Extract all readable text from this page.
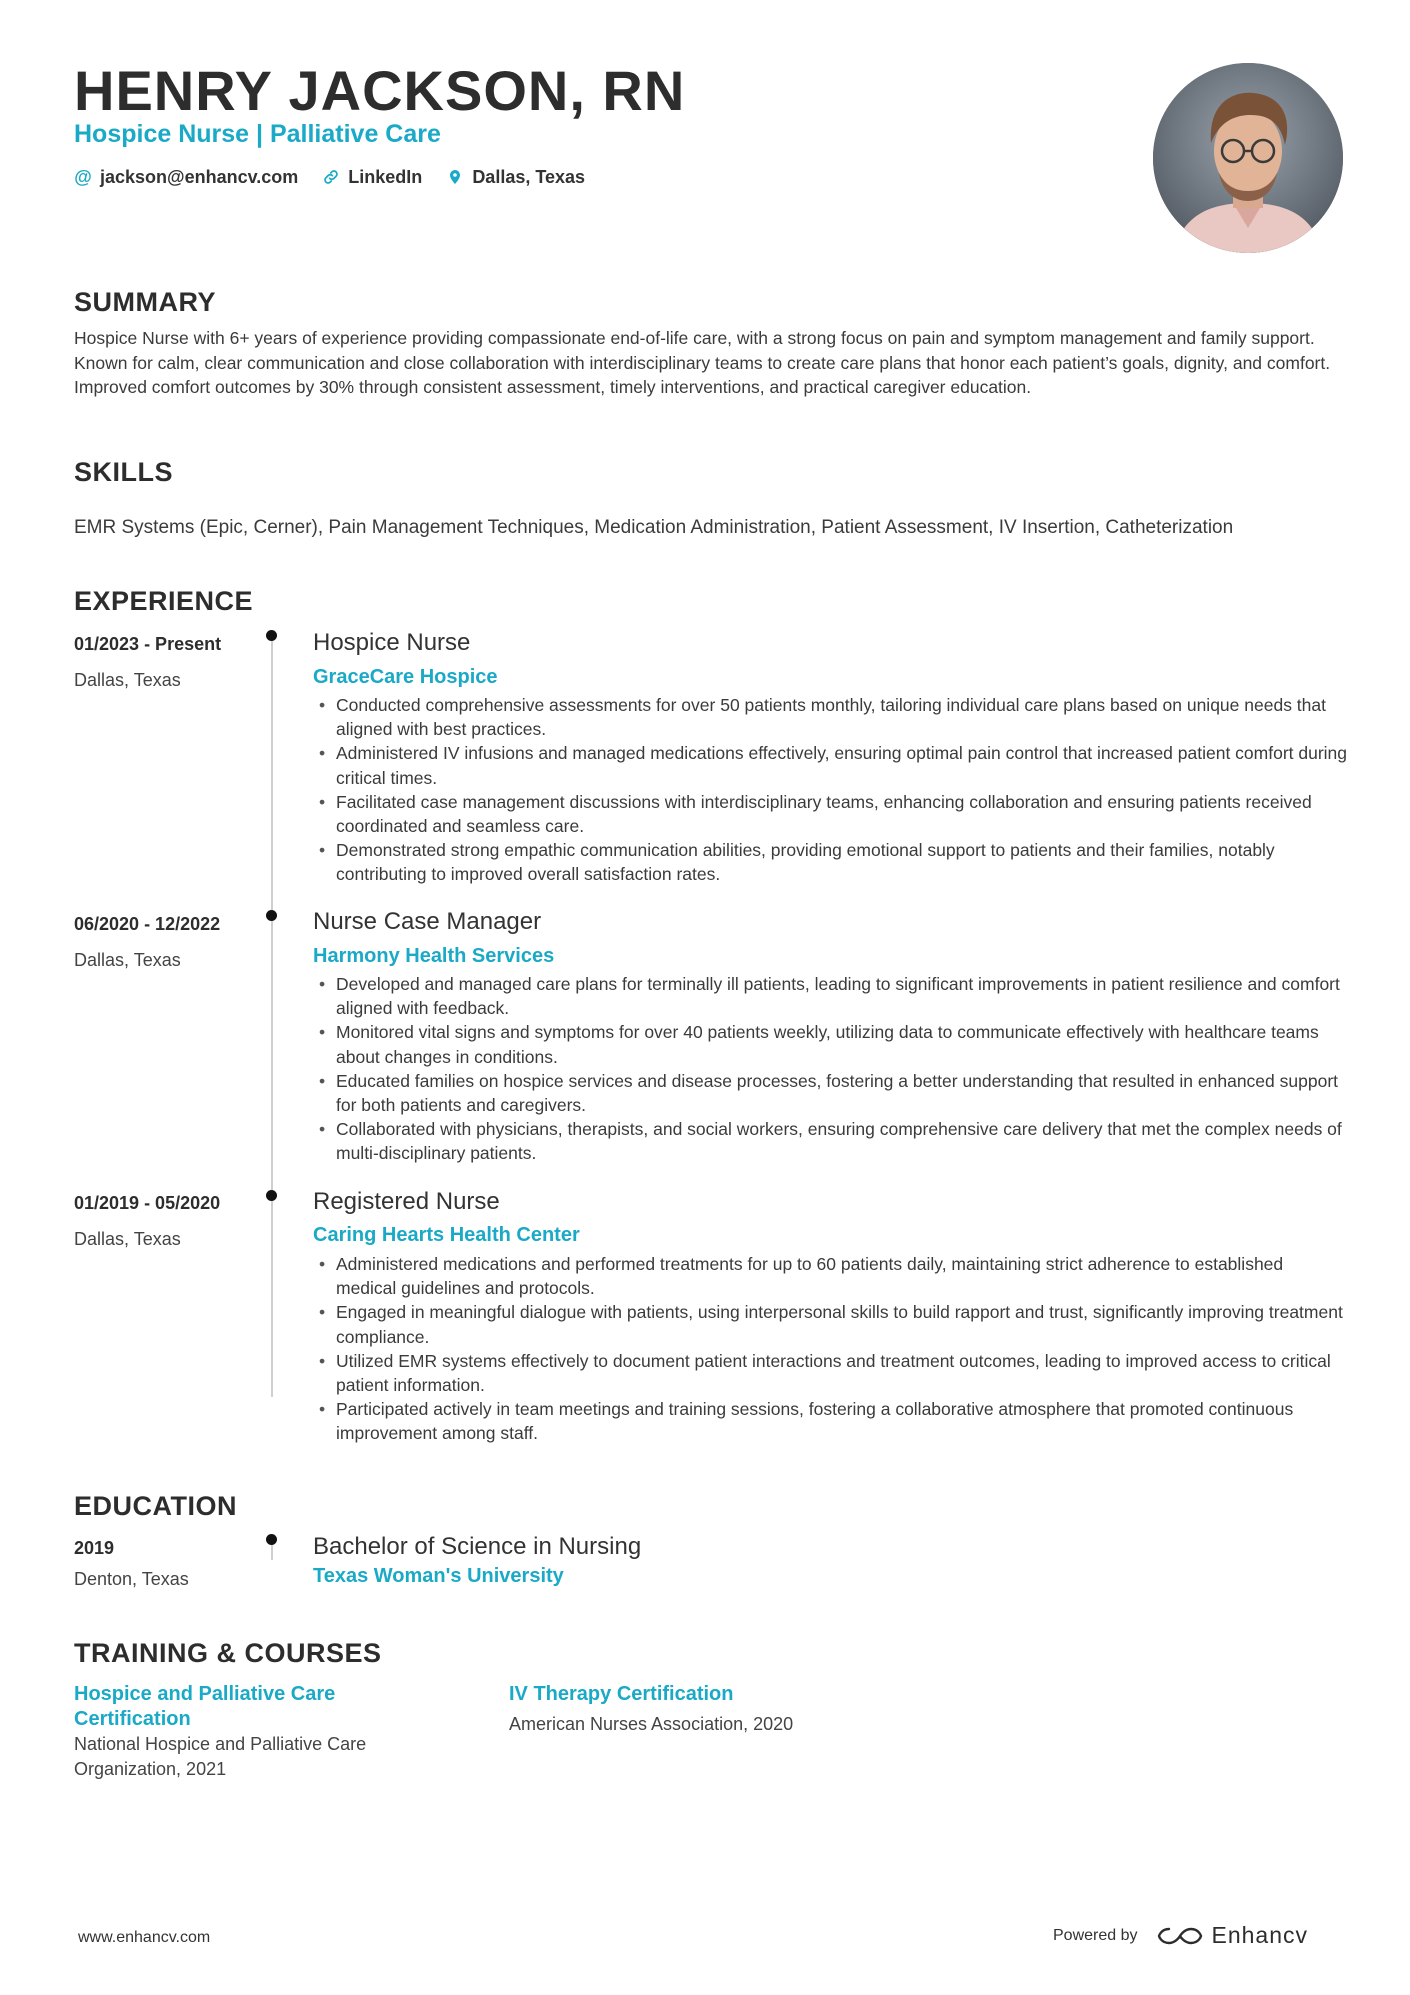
HENRY JACKSON, RN
Hospice Nurse | Palliative Care
@ jackson@enhancv.com	LinkedIn	Dallas, Texas
SUMMARY
Hospice Nurse with 6+ years of experience providing compassionate end-of-life care, with a strong focus on pain and symptom management and family support. Known for calm, clear communication and close collaboration with interdisciplinary teams to create care plans that honor each patient’s goals, dignity, and comfort. Improved comfort outcomes by 30% through consistent assessment, timely interventions, and practical caregiver education.
SKILLS
EMR Systems (Epic, Cerner), Pain Management Techniques, Medication Administration, Patient Assessment, IV Insertion, Catheterization
EXPERIENCE
01/2023 - Present
Dallas, Texas
Hospice Nurse
GraceCare Hospice
• Conducted comprehensive assessments for over 50 patients monthly, tailoring individual care plans based on unique needs that aligned with best practices.
• Administered IV infusions and managed medications effectively, ensuring optimal pain control that increased patient comfort during critical times.
• Facilitated case management discussions with interdisciplinary teams, enhancing collaboration and ensuring patients received coordinated and seamless care.
• Demonstrated strong empathic communication abilities, providing emotional support to patients and their families, notably contributing to improved overall satisfaction rates.
06/2020 - 12/2022
Dallas, Texas
Nurse Case Manager
Harmony Health Services
• Developed and managed care plans for terminally ill patients, leading to significant improvements in patient resilience and comfort aligned with feedback.
• Monitored vital signs and symptoms for over 40 patients weekly, utilizing data to communicate effectively with healthcare teams about changes in conditions.
• Educated families on hospice services and disease processes, fostering a better understanding that resulted in enhanced support for both patients and caregivers.
• Collaborated with physicians, therapists, and social workers, ensuring comprehensive care delivery that met the complex needs of multi-disciplinary patients.
01/2019 - 05/2020
Dallas, Texas
Registered Nurse
Caring Hearts Health Center
• Administered medications and performed treatments for up to 60 patients daily, maintaining strict adherence to established medical guidelines and protocols.
• Engaged in meaningful dialogue with patients, using interpersonal skills to build rapport and trust, significantly improving treatment compliance.
• Utilized EMR systems effectively to document patient interactions and treatment outcomes, leading to improved access to critical patient information.
• Participated actively in team meetings and training sessions, fostering a collaborative atmosphere that promoted continuous improvement among staff.
EDUCATION
2019
Denton, Texas
Bachelor of Science in Nursing
Texas Woman's University
TRAINING & COURSES
Hospice and Palliative Care Certification
National Hospice and Palliative Care Organization, 2021
IV Therapy Certification
American Nurses Association, 2020
www.enhancv.com	Powered by	Enhancv
